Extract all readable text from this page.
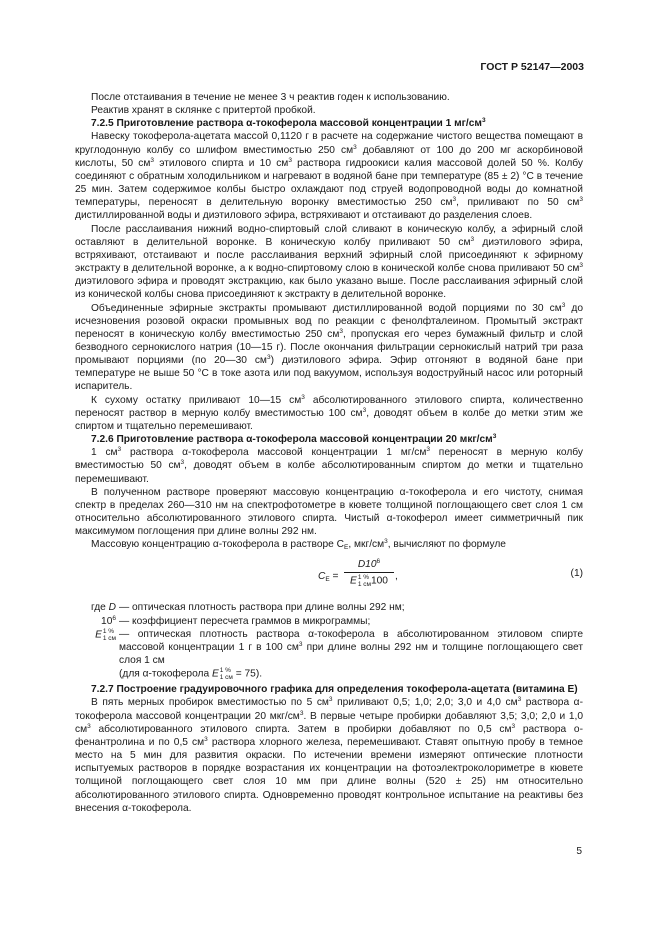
ГОСТ Р 52147—2003

После отстаивания в течение не менее 3 ч реактив годен к использованию.

Реактив хранят в склянке с притертой пробкой.

7.2.5 Приготовление раствора α-токоферола массовой концентрации 1 $мг/см^3$

Навеску токоферола-ацетата массой 0,1120 г в расчете на содержание чистого вещества помещают в круглодонную колбу со шлифом вместимостью 250 $см^3$ добавляют от 100 до 200 мг аскорбиновой кислоты, 50 $см^3$ этилового спирта и 10 $см^3$ раствора гидроокиси калия массовой долей 50 %. Колбу соединяют с обратным холодильником и нагревают в водяной бане при температуре (85 ± 2) °С в течение 25 мин. Затем содержимое колбы быстро охлаждают под струей водопроводной воды до комнатной температуры, переносят в делительную воронку вместимостью 250 $см^3$, приливают по 50 $см^3$ дистиллированной воды и диэтилового эфира, встряхивают и отстаивают до разделения слоев.

После расслаивания нижний водно-спиртовый слой сливают в коническую колбу, а эфирный слой оставляют в делительной воронке. В коническую колбу приливают 50 $см^3$ диэтилового эфира, встряхивают, отстаивают и после расслаивания верхний эфирный слой присоединяют к эфирному экстракту в делительной воронке, а к водно-спиртовому слою в конической колбе снова приливают 50 $см^3$ диэтилового эфира и проводят экстракцию, как было указано выше. После расслаивания эфирный слой из конической колбы снова присоединяют к экстракту в делительной воронке.

Объединенные эфирные экстракты промывают дистиллированной водой порциями по 30 $см^3$ до исчезновения розовой окраски промывных вод по реакции с фенолфталеином. Промытый экстракт переносят в коническую колбу вместимостью 250 $см^3$, пропуская его через бумажный фильтр и слой безводного сернокислого натрия (10—15 г). После окончания фильтрации сернокислый натрий три раза промывают порциями (по 20—30 $см^3$) диэтилового эфира. Эфир отгоняют в водяной бане при температуре не выше 50 °С в токе азота или под вакуумом, используя водоструйный насос или роторный испаритель.

К сухому остатку приливают 10—15 $см^3$ абсолютированного этилового спирта, количественно переносят раствор в мерную колбу вместимостью 100 $см^3$, доводят объем в колбе до метки этим же спиртом и тщательно перемешивают.

7.2.6 Приготовление раствора α-токоферола массовой концентрации 20 мкг/$см^3$

1 $см^3$ раствора α-токоферола массовой концентрации 1 $мг/см^3$ переносят в мерную колбу вместимостью 50 $см^3$, доводят объем в колбе абсолютированным спиртом до метки и тщательно перемешивают.

В полученном растворе проверяют массовую концентрацию α-токоферола и его чистоту, снимая спектр в пределах 260—310 нм на спектрофотометре в кювете толщиной поглощающего свет слоя 1 см относительно абсолютированного этилового спирта. Чистый α-токоферол имеет симметричный пик максимумом поглощения при длине волны 292 нм.

Массовую концентрацию α-токоферола в растворе $C_E$, мкг/$см^3$, вычисляют по формуле

$C_E$ =
$D10^6$
E 1 %
1 см 100 ,	(1)
где D — оптическая плотность раствора при длине волны 292 нм;
$10^6$ — коэффициент пересчета граммов в микрограммы;
E 1 %
1 см — оптическая плотность раствора α-токоферола в абсолютированном этиловом спирте массовой концентрации 1 г в 100 $см^3$ при длине волны 292 нм и толщине поглощающего свет слоя 1 см
(для α-токоферола E 1 %
1 см = 75).

7.2.7 Построение градуировочного графика для определения токоферола-ацетата (витамина Е)

В пять мерных пробирок вместимостью по 5 $см^3$ приливают 0,5; 1,0; 2,0; 3,0 и 4,0 $см^3$ раствора α-токоферола массовой концентрации 20 мкг/$см^3$. В первые четыре пробирки добавляют 3,5; 3,0; 2,0 и 1,0 $см^3$ абсолютированного этилового спирта. Затем в пробирки добавляют по 0,5 $см^3$ раствора о-фенантролина и по 0,5 $см^3$ раствора хлорного железа, перемешивают. Ставят опытную пробу в темное место на 5 мин для развития окраски. По истечении времени измеряют оптические плотности испытуемых растворов в порядке возрастания их концентрации на фотоэлектроколориметре в кювете толщиной поглощающего свет слоя 10 мм при длине волны (520 ± 25) нм относительно абсолютированного этилового спирта. Одновременно проводят контрольное испытание на реактивы без внесения α-токоферола.

5
